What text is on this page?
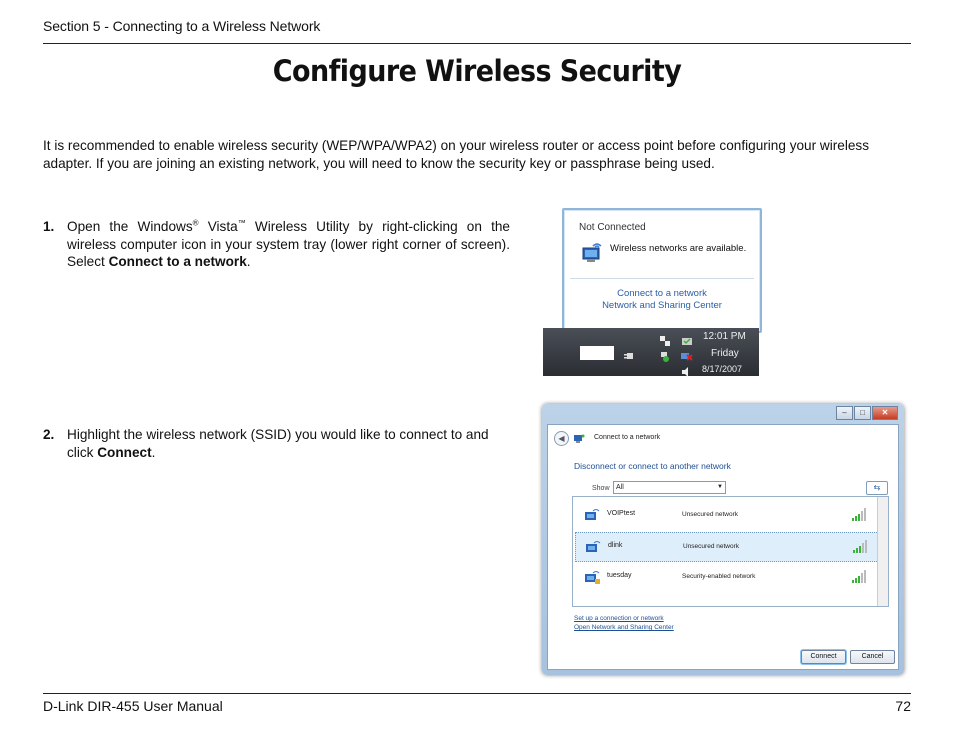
Section 5 - Connecting to a Wireless Network
Configure Wireless Security
It is recommended to enable wireless security (WEP/WPA/WPA2) on your wireless router or access point before configuring your wireless adapter. If you are joining an existing network, you will need to know the security key or passphrase being used.
1. Open the Windows® Vista™ Wireless Utility by right-clicking on the wireless computer icon in your system tray (lower right corner of screen). Select Connect to a network.
2. Highlight the wireless network (SSID) you would like to connect to and click Connect.
Not Connected
Wireless networks are available.
Connect to a network
Network and Sharing Center
12:01 PM
Friday
8/17/2007
–	□	✕
◀	Connect to a network
Disconnect or connect to another network
Show All	▼	⇆
VOIPtest	Unsecured network
dlink	Unsecured network
tuesday	Security-enabled network
Set up a connection or network
Open Network and Sharing Center
Connect	Cancel
D-Link DIR-455 User Manual	72
